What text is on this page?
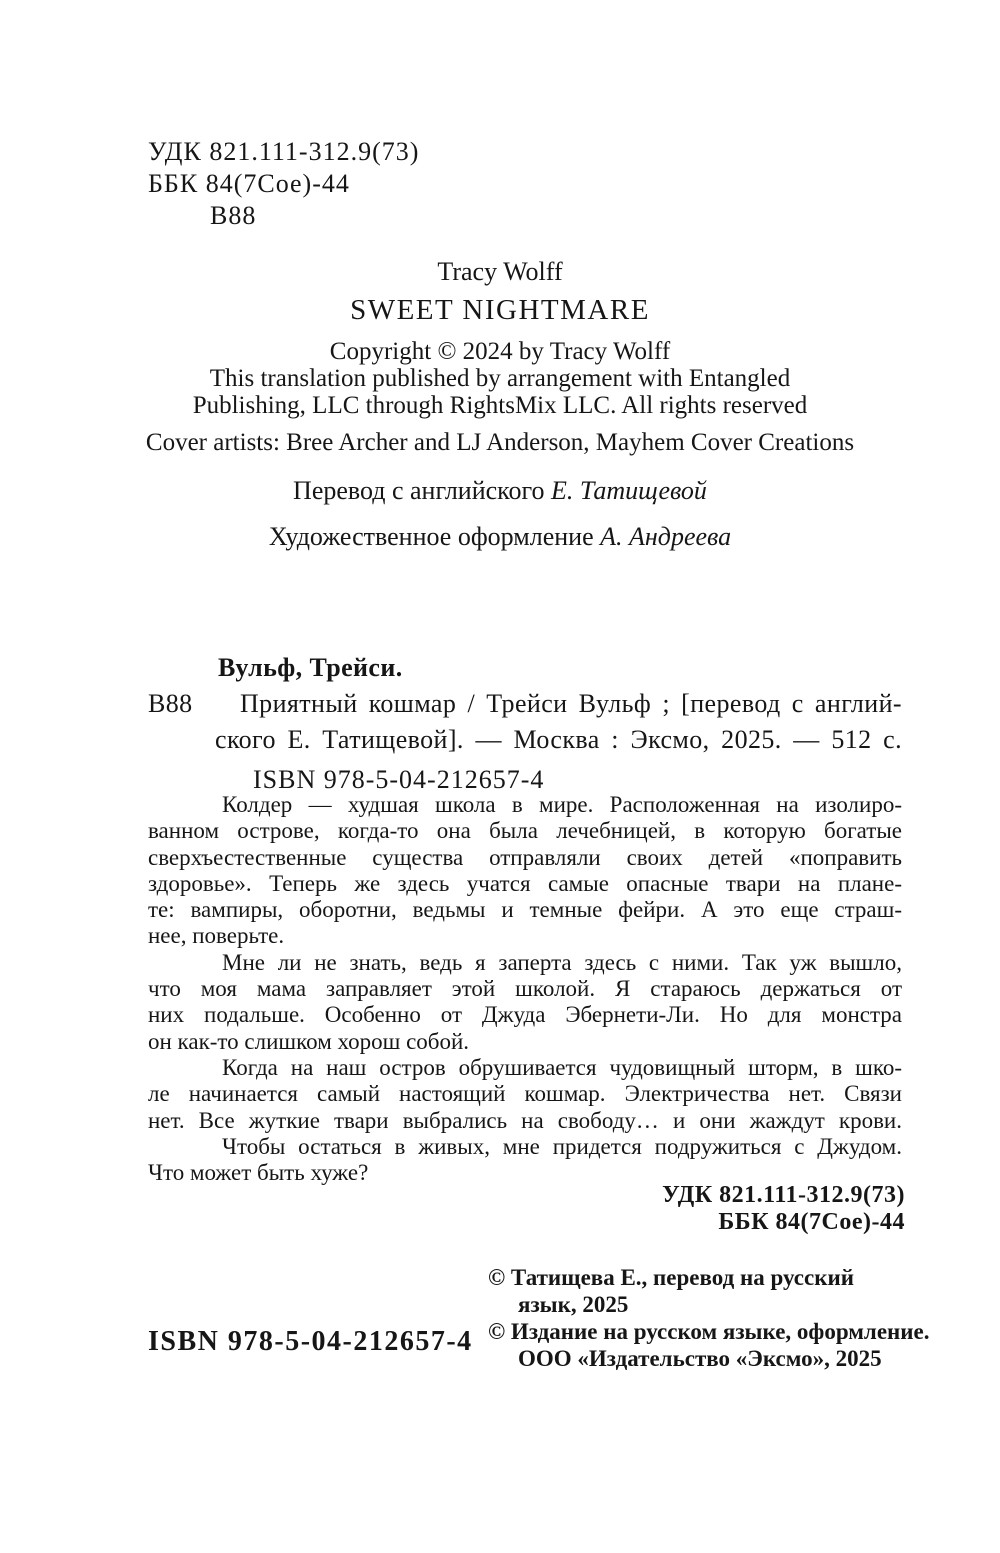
УДК 821.111-312.9(73)
ББК 84(7Сое)-44
В88
Tracy Wolff
SWEET NIGHTMARE
Copyright © 2024 by Tracy Wolff
This translation published by arrangement with Entangled
Publishing, LLC through RightsMix LLC. All rights reserved
Cover artists: Bree Archer and LJ Anderson, Mayhem Cover Creations
Перевод с английского Е. Татищевой
Художественное оформление А. Андреева
Вульф, Трейси.
В88	Приятный кошмар / Трейси Вульф ; [перевод с англий-
ского Е. Татищевой]. — Москва : Эксмо, 2025. — 512 с.
ISBN 978-5-04-212657-4
Колдер — худшая школа в мире. Расположенная на изолиро-
ванном острове, когда-то она была лечебницей, в которую богатые
сверхъестественные существа отправляли своих детей «поправить
здоровье». Теперь же здесь учатся самые опасные твари на плане-
те: вампиры, оборотни, ведьмы и темные фейри. А это еще страш-
нее, поверьте.
Мне ли не знать, ведь я заперта здесь с ними. Так уж вышло,
что моя мама заправляет этой школой. Я стараюсь держаться от
них подальше. Особенно от Джуда Эбернети-Ли. Но для монстра
он как-то слишком хорош собой.
Когда на наш остров обрушивается чудовищный шторм, в шко-
ле начинается самый настоящий кошмар. Электричества нет. Связи
нет. Все жуткие твари выбрались на свободу… и они жаждут крови.
Чтобы остаться в живых, мне придется подружиться с Джудом.
Что может быть хуже?
УДК 821.111-312.9(73)
ББК 84(7Сое)-44
© Татищева Е., перевод на русский
язык, 2025
© Издание на русском языке, оформление.
ООО «Издательство «Эксмо», 2025
ISBN 978-5-04-212657-4
